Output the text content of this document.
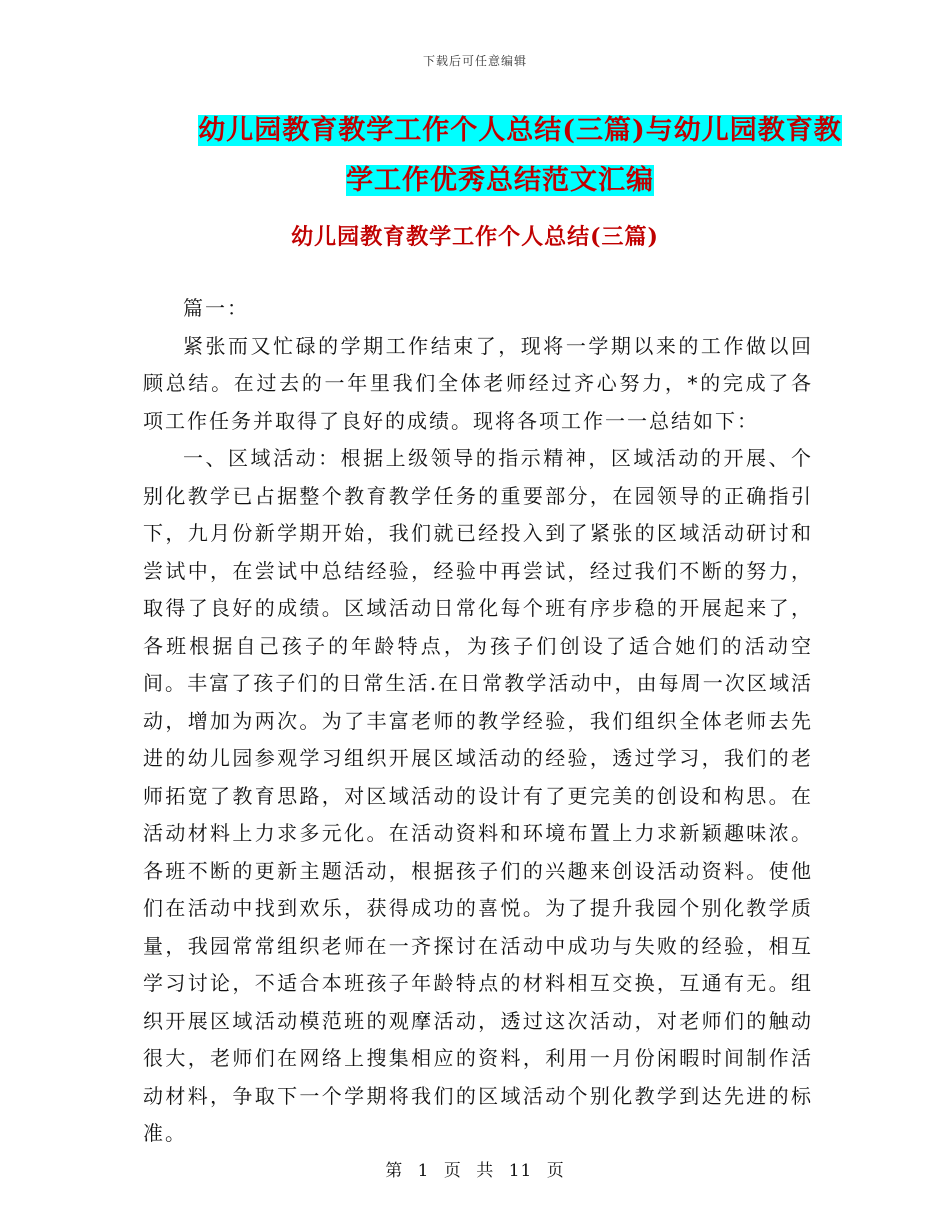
下载后可任意编辑
幼儿园教育教学工作个人总结(三篇)与幼儿园教育教
学工作优秀总结范文汇编
幼儿园教育教学工作个人总结(三篇)

篇一：

紧张而又忙碌的学期工作结束了，现将一学期以来的工作做以回顾总结。在过去的一年里我们全体老师经过齐心努力，*的完成了各项工作任务并取得了良好的成绩。现将各项工作一一总结如下：

一、区域活动：根据上级领导的指示精神，区域活动的开展、个别化教学已占据整个教育教学任务的重要部分，在园领导的正确指引下，九月份新学期开始，我们就已经投入到了紧张的区域活动研讨和尝试中，在尝试中总结经验，经验中再尝试，经过我们不断的努力，取得了良好的成绩。区域活动日常化每个班有序步稳的开展起来了，各班根据自己孩子的年龄特点，为孩子们创设了适合她们的活动空间。丰富了孩子们的日常生活.在日常教学活动中，由每周一次区域活动，增加为两次。为了丰富老师的教学经验，我们组织全体老师去先进的幼儿园参观学习组织开展区域活动的经验，透过学习，我们的老师拓宽了教育思路，对区域活动的设计有了更完美的创设和构思。在活动材料上力求多元化。在活动资料和环境布置上力求新颖趣味浓。各班不断的更新主题活动，根据孩子们的兴趣来创设活动资料。使他们在活动中找到欢乐，获得成功的喜悦。为了提升我园个别化教学质量，我园常常组织老师在一齐探讨在活动中成功与失败的经验，相互学习讨论，不适合本班孩子年龄特点的材料相互交换，互通有无。组织开展区域活动模范班的观摩活动，透过这次活动，对老师们的触动很大，老师们在网络上搜集相应的资料，利用一月份闲暇时间制作活动材料，争取下一个学期将我们的区域活动个别化教学到达先进的标准。

第 1 页 共 11 页
